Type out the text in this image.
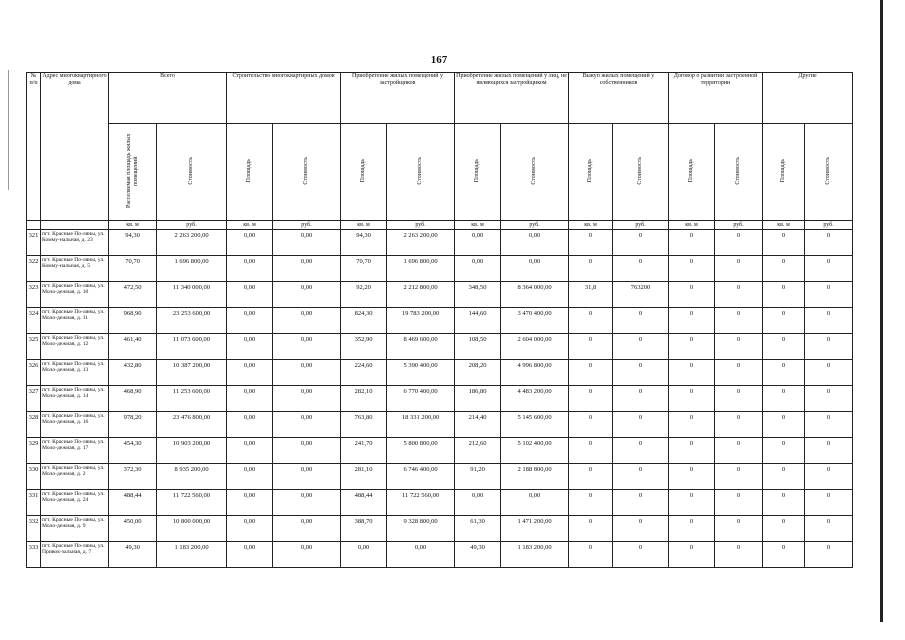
167
№ п/п	Адрес многоквартирного дома	Всего		Строительство многоквартирных домов		Приобретение жилых помещений у застройщиков		Приобретение жилых помещений у лиц, не являющихся застройщиком		Выкуп жилых помещений у собственников		Договор о развитии застроенной территории		Другие	
		Расселяемая площадь жилых помещений	Стоимость	Площадь	Стоимость	Площадь	Стоимость	Площадь	Стоимость	Площадь	Стоимость	Площадь	Стоимость	Площадь	Стоимость
		кв. м	руб.	кв. м	руб.	кв. м	руб.	кв. м	руб.	кв. м	руб.	кв. м	руб.	кв. м	руб.
321	пгт. Красные По-ляны, ул. Комму-нальная, д. 23	94,30	2 263 200,00	0,00	0,00	94,30	2 263 200,00	0,00	0,00	0	0	0	0	0	0
322	пгт. Красные По-ляны, ул. Комму-нальная, д. 5	70,70	1 696 800,00	0,00	0,00	70,70	1 696 800,00	0,00	0,00	0	0	0	0	0	0
323	пгт. Красные По-ляны, ул. Моло-дежная, д. 10	472,50	11 340 000,00	0,00	0,00	92,20	2 212 800,00	348,50	8 364 000,00	31,8	763200	0	0	0	0
324	пгт. Красные По-ляны, ул. Моло-дежная, д. 11	968,90	23 253 600,00	0,00	0,00	824,30	19 783 200,00	144,60	3 470 400,00	0	0	0	0	0	0
325	пгт. Красные По-ляны, ул. Моло-дежная, д. 12	461,40	11 073 600,00	0,00	0,00	352,90	8 469 600,00	108,50	2 604 000,00	0	0	0	0	0	0
326	пгт. Красные По-ляны, ул. Моло-дежная, д. 13	432,80	10 387 200,00	0,00	0,00	224,60	5 390 400,00	208,20	4 996 800,00	0	0	0	0	0	0
327	пгт. Красные По-ляны, ул. Моло-дежная, д. 14	468,90	11 253 600,00	0,00	0,00	282,10	6 770 400,00	186,80	4 483 200,00	0	0	0	0	0	0
328	пгт. Красные По-ляны, ул. Моло-дежная, д. 16	978,20	23 476 800,00	0,00	0,00	763,80	18 331 200,00	214,40	5 145 600,00	0	0	0	0	0	0
329	пгт. Красные По-ляны, ул. Моло-дежная, д. 17	454,30	10 903 200,00	0,00	0,00	241,70	5 800 800,00	212,60	5 102 400,00	0	0	0	0	0	0
330	пгт. Красные По-ляны, ул. Моло-дежная, д. 2	372,30	8 935 200,00	0,00	0,00	281,10	6 746 400,00	91,20	2 188 800,00	0	0	0	0	0	0
331	пгт. Красные По-ляны, ул. Моло-дежная, д. 24	488,44	11 722 560,00	0,00	0,00	488,44	11 722 560,00	0,00	0,00	0	0	0	0	0	0
332	пгт. Красные По-ляны, ул. Моло-дежная, д. 9	450,00	10 800 000,00	0,00	0,00	388,70	9 328 800,00	61,30	1 471 200,00	0	0	0	0	0	0
333	пгт. Красные По-ляны, ул. Привок-зальная, д. 7	49,30	1 183 200,00	0,00	0,00	0,00	0,00	49,30	1 183 200,00	0	0	0	0	0	0
